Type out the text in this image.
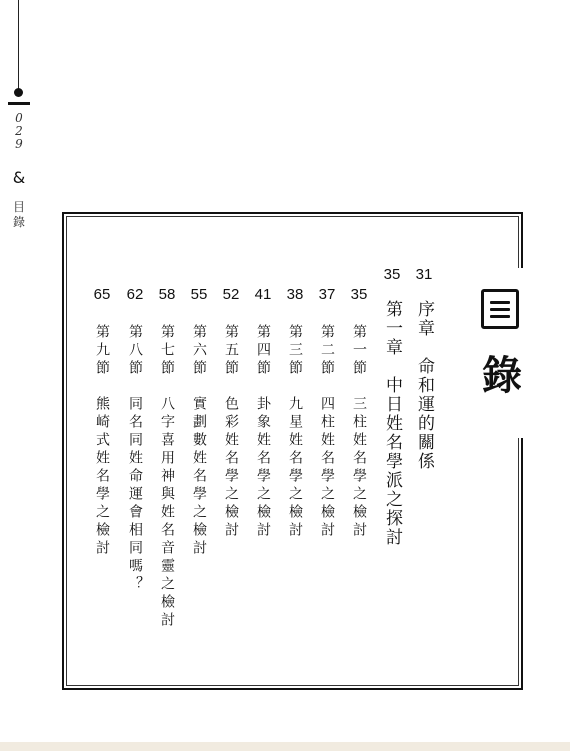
0
2
9
&
目
錄
錄
31
序章　命和運的關係
35
第一章　中日姓名學派之探討
35
第一節　三柱姓名學之檢討
37
第二節　四柱姓名學之檢討
38
第三節　九星姓名學之檢討
41
第四節　卦象姓名學之檢討
52
第五節　色彩姓名學之檢討
55
第六節　實劃數姓名學之檢討
58
第七節　八字喜用神與姓名音靈之檢討
62
第八節　同名同姓命運會相同嗎？
65
第九節　熊崎式姓名學之檢討
